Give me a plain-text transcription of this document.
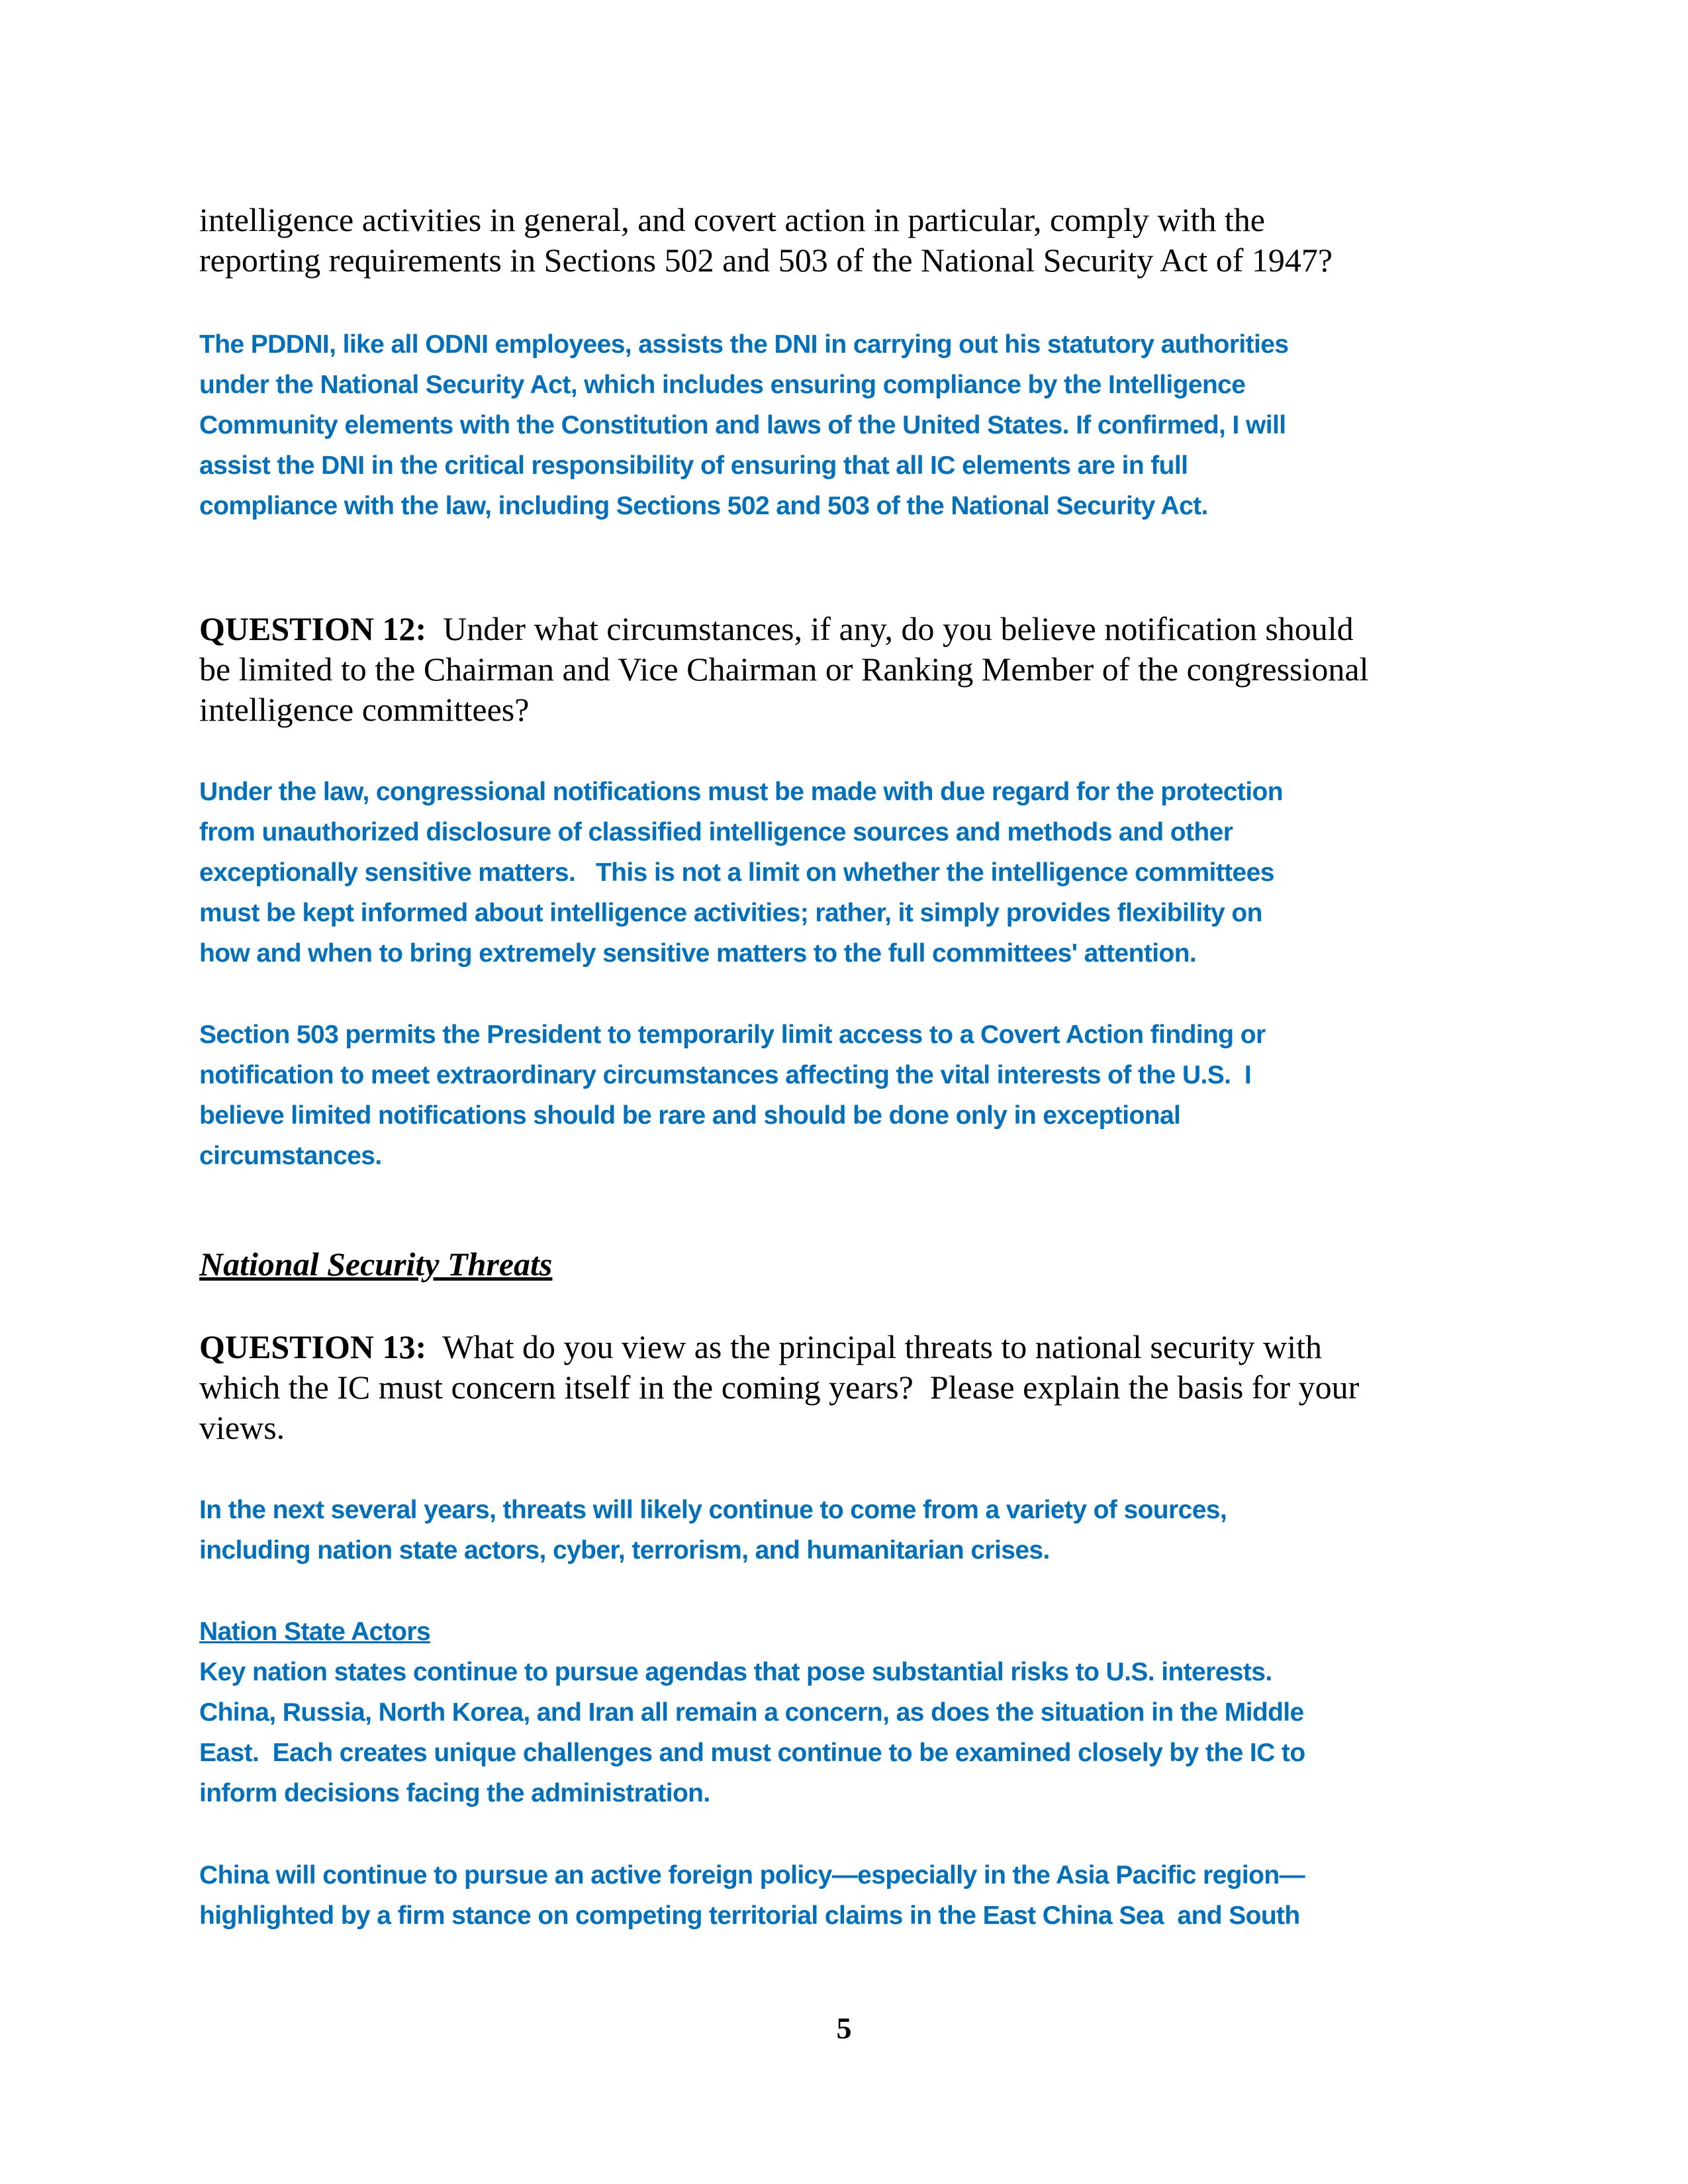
intelligence activities in general, and covert action in particular, comply with the
reporting requirements in Sections 502 and 503 of the National Security Act of 1947?
The PDDNI, like all ODNI employees, assists the DNI in carrying out his statutory authorities
under the National Security Act, which includes ensuring compliance by the Intelligence
Community elements with the Constitution and laws of the United States. If confirmed, I will
assist the DNI in the critical responsibility of ensuring that all IC elements are in full
compliance with the law, including Sections 502 and 503 of the National Security Act.
QUESTION 12:  Under what circumstances, if any, do you believe notification should
be limited to the Chairman and Vice Chairman or Ranking Member of the congressional
intelligence committees?
Under the law, congressional notifications must be made with due regard for the protection
from unauthorized disclosure of classified intelligence sources and methods and other
exceptionally sensitive matters.   This is not a limit on whether the intelligence committees
must be kept informed about intelligence activities; rather, it simply provides flexibility on
how and when to bring extremely sensitive matters to the full committees' attention.
Section 503 permits the President to temporarily limit access to a Covert Action finding or
notification to meet extraordinary circumstances affecting the vital interests of the U.S.  I
believe limited notifications should be rare and should be done only in exceptional
circumstances.
National Security Threats
QUESTION 13:  What do you view as the principal threats to national security with
which the IC must concern itself in the coming years?  Please explain the basis for your
views.
In the next several years, threats will likely continue to come from a variety of sources,
including nation state actors, cyber, terrorism, and humanitarian crises.
Nation State Actors
Key nation states continue to pursue agendas that pose substantial risks to U.S. interests.
China, Russia, North Korea, and Iran all remain a concern, as does the situation in the Middle
East.  Each creates unique challenges and must continue to be examined closely by the IC to
inform decisions facing the administration.
China will continue to pursue an active foreign policy—especially in the Asia Pacific region—
highlighted by a firm stance on competing territorial claims in the East China Sea  and South
5
